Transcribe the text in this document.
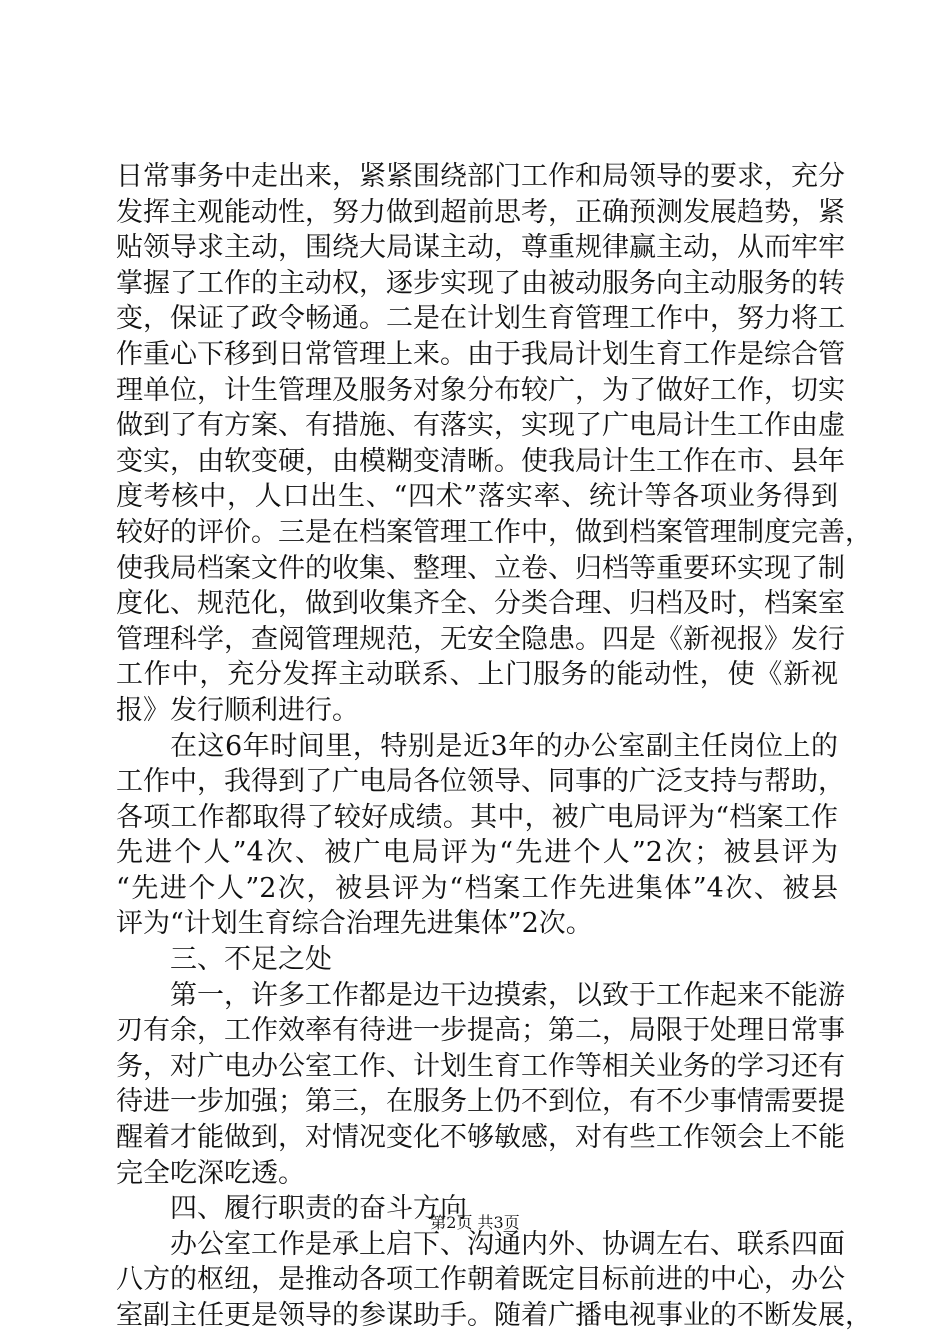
日常事务中走出来，紧紧围绕部门工作和局领导的要求，充分
发挥主观能动性，努力做到超前思考，正确预测发展趋势，紧
贴领导求主动，围绕大局谋主动，尊重规律赢主动，从而牢牢
掌握了工作的主动权，逐步实现了由被动服务向主动服务的转
变，保证了政令畅通。二是在计划生育管理工作中，努力将工
作重心下移到日常管理上来。由于我局计划生育工作是综合管
理单位，计生管理及服务对象分布较广，为了做好工作，切实
做到了有方案、有措施、有落实，实现了广电局计生工作由虚
变实，由软变硬，由模糊变清晰。使我局计生工作在市、县年
度考核中，人口出生、“四术”落实率、统计等各项业务得到
较好的评价。三是在档案管理工作中，做到档案管理制度完善，
使我局档案文件的收集、整理、立卷、归档等重要环实现了制
度化、规范化，做到收集齐全、分类合理、归档及时，档案室
管理科学，查阅管理规范，无安全隐患。四是《新视报》发行
工作中，充分发挥主动联系、上门服务的能动性，使《新视
报》发行顺利进行。
在这6年时间里，特别是近3年的办公室副主任岗位上的
工作中，我得到了广电局各位领导、同事的广泛支持与帮助，
各项工作都取得了较好成绩。其中，被广电局评为“档案工作
先进个人”4次、被广电局评为“先进个人”2次；被县评为
“先进个人”2次，被县评为“档案工作先进集体”4次、被县
评为“计划生育综合治理先进集体”2次。
三、不足之处
第一，许多工作都是边干边摸索，以致于工作起来不能游
刃有余，工作效率有待进一步提高；第二，局限于处理日常事
务，对广电办公室工作、计划生育工作等相关业务的学习还有
待进一步加强；第三，在服务上仍不到位，有不少事情需要提
醒着才能做到，对情况变化不够敏感，对有些工作领会上不能
完全吃深吃透。
四、履行职责的奋斗方向
办公室工作是承上启下、沟通内外、协调左右、联系四面
八方的枢纽，是推动各项工作朝着既定目标前进的中心，办公
室副主任更是领导的参谋助手。随着广播电视事业的不断发展，
第2页 共3页
